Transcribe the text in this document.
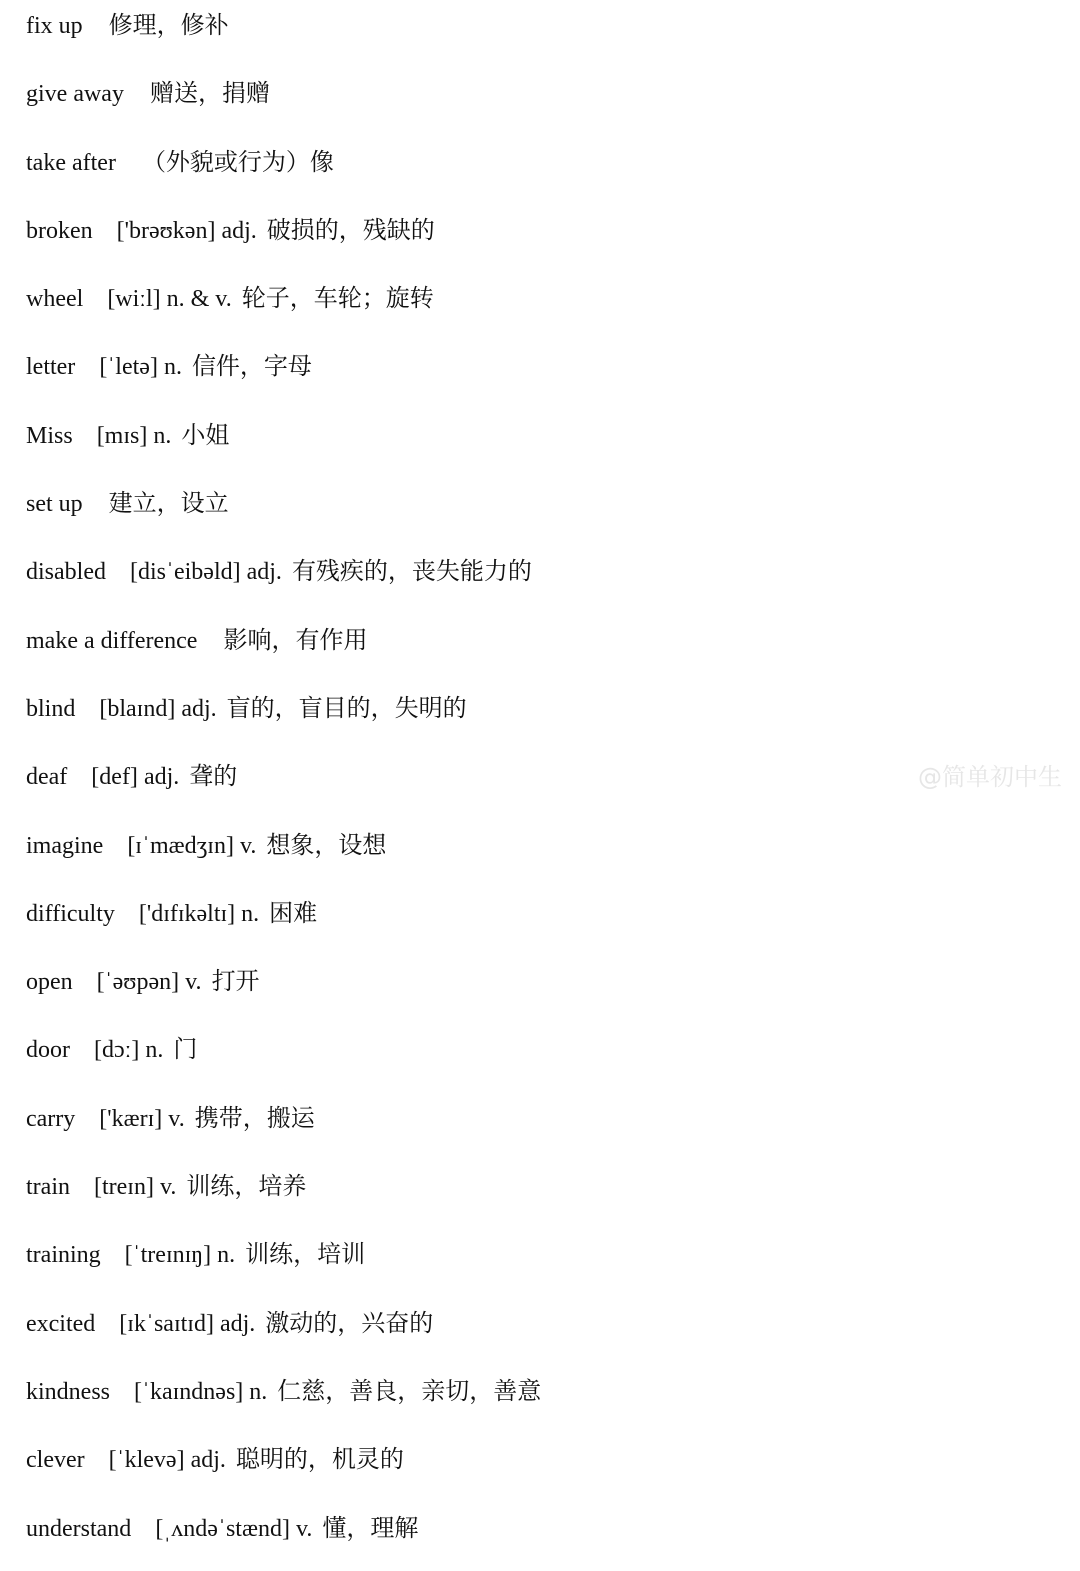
fix up 修理，修补
give away 赠送，捐赠
take after （外貌或行为）像
broken ['brəʊkən] adj. 破损的，残缺的
wheel [wiːl] n. & v. 轮子，车轮；旋转
letter [ˈletə] n. 信件，字母
Miss [mɪs] n. 小姐
set up 建立，设立
disabled [disˈeibəld] adj. 有残疾的，丧失能力的
make a difference 影响，有作用
blind [blaɪnd] adj. 盲的，盲目的，失明的
deaf [def] adj. 聋的
imagine [ɪˈmædʒɪn] v. 想象，设想
difficulty ['dɪfɪkəltɪ] n. 困难
open [ˈəʊpən] v. 打开
door [dɔː] n. 门
carry ['kærɪ] v. 携带，搬运
train [treɪn] v. 训练，培养
training [ˈtreɪnɪŋ] n. 训练，培训
excited [ɪkˈsaɪtɪd] adj. 激动的，兴奋的
kindness [ˈkaɪndnəs] n. 仁慈，善良，亲切，善意
clever [ˈklevə] adj. 聪明的，机灵的
understand [ˌʌndəˈstænd] v. 懂，理解
@简单初中生
